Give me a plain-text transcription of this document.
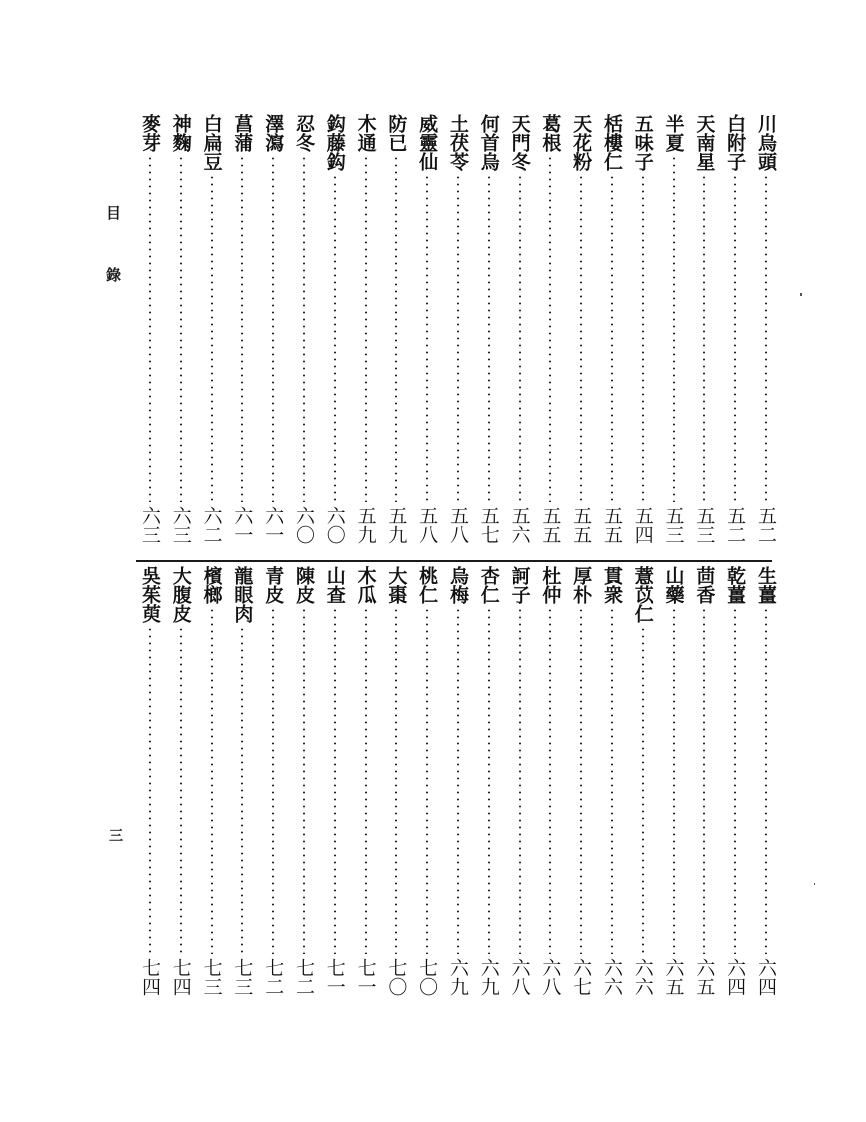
目
錄
三
川烏頭
五二
白附子
五二
天南星
五三
半夏
五三
五味子
五四
栝樓仁
五五
天花粉
五五
葛根
五五
天門冬
五六
何首烏
五七
土茯苓
五八
威靈仙
五八
防已
五九
木通
五九
鈎藤鈎
六〇
忍冬
六〇
澤瀉
六一
菖蒲
六一
白扁豆
六二
神麴
六三
麥芽
六三
生薑
六四
乾薑
六四
茴香
六五
山藥
六五
薏苡仁
六六
貫衆
六六
厚朴
六七
杜仲
六八
訶子
六八
杏仁
六九
烏梅
六九
桃仁
七〇
大棗
七〇
木瓜
七一
山查
七一
陳皮
七二
青皮
七二
龍眼肉
七三
檳榔
七三
大腹皮
七四
吳茱萸
七四
